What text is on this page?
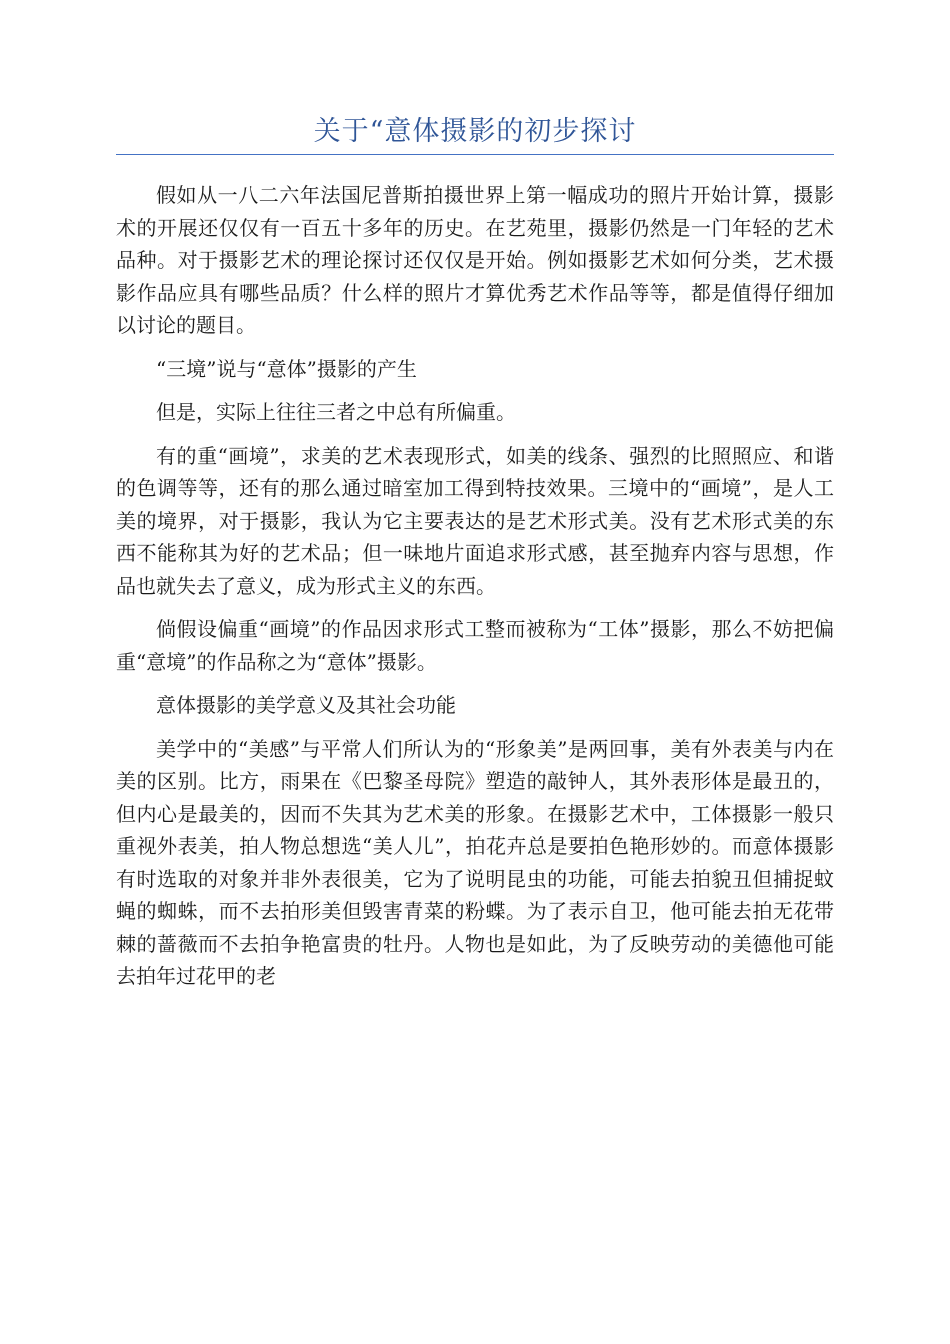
关于“意体摄影的初步探讨

假如从一八二六年法国尼普斯拍摄世界上第一幅成功的照片开始计算，摄影术的开展还仅仅有一百五十多年的历史。在艺苑里，摄影仍然是一门年轻的艺术品种。对于摄影艺术的理论探讨还仅仅是开始。例如摄影艺术如何分类，艺术摄影作品应具有哪些品质？什么样的照片才算优秀艺术作品等等，都是值得仔细加以讨论的题目。

“三境”说与“意体”摄影的产生

但是，实际上往往三者之中总有所偏重。

有的重“画境”，求美的艺术表现形式，如美的线条、强烈的比照照应、和谐的色调等等，还有的那么通过暗室加工得到特技效果。三境中的“画境”，是人工美的境界，对于摄影，我认为它主要表达的是艺术形式美。没有艺术形式美的东西不能称其为好的艺术品；但一味地片面追求形式感，甚至抛弃内容与思想，作品也就失去了意义，成为形式主义的东西。

倘假设偏重“画境”的作品因求形式工整而被称为“工体”摄影，那么不妨把偏重“意境”的作品称之为“意体”摄影。

意体摄影的美学意义及其社会功能

美学中的“美感”与平常人们所认为的“形象美”是两回事，美有外表美与内在美的区别。比方，雨果在《巴黎圣母院》塑造的敲钟人，其外表形体是最丑的，但内心是最美的，因而不失其为艺术美的形象。在摄影艺术中，工体摄影一般只重视外表美，拍人物总想选“美人儿”，拍花卉总是要拍色艳形妙的。而意体摄影有时选取的对象并非外表很美，它为了说明昆虫的功能，可能去拍貌丑但捕捉蚊蝇的蜘蛛，而不去拍形美但毁害青菜的粉蝶。为了表示自卫，他可能去拍无花带棘的蔷薇而不去拍争艳富贵的牡丹。人物也是如此，为了反映劳动的美德他可能去拍年过花甲的老
